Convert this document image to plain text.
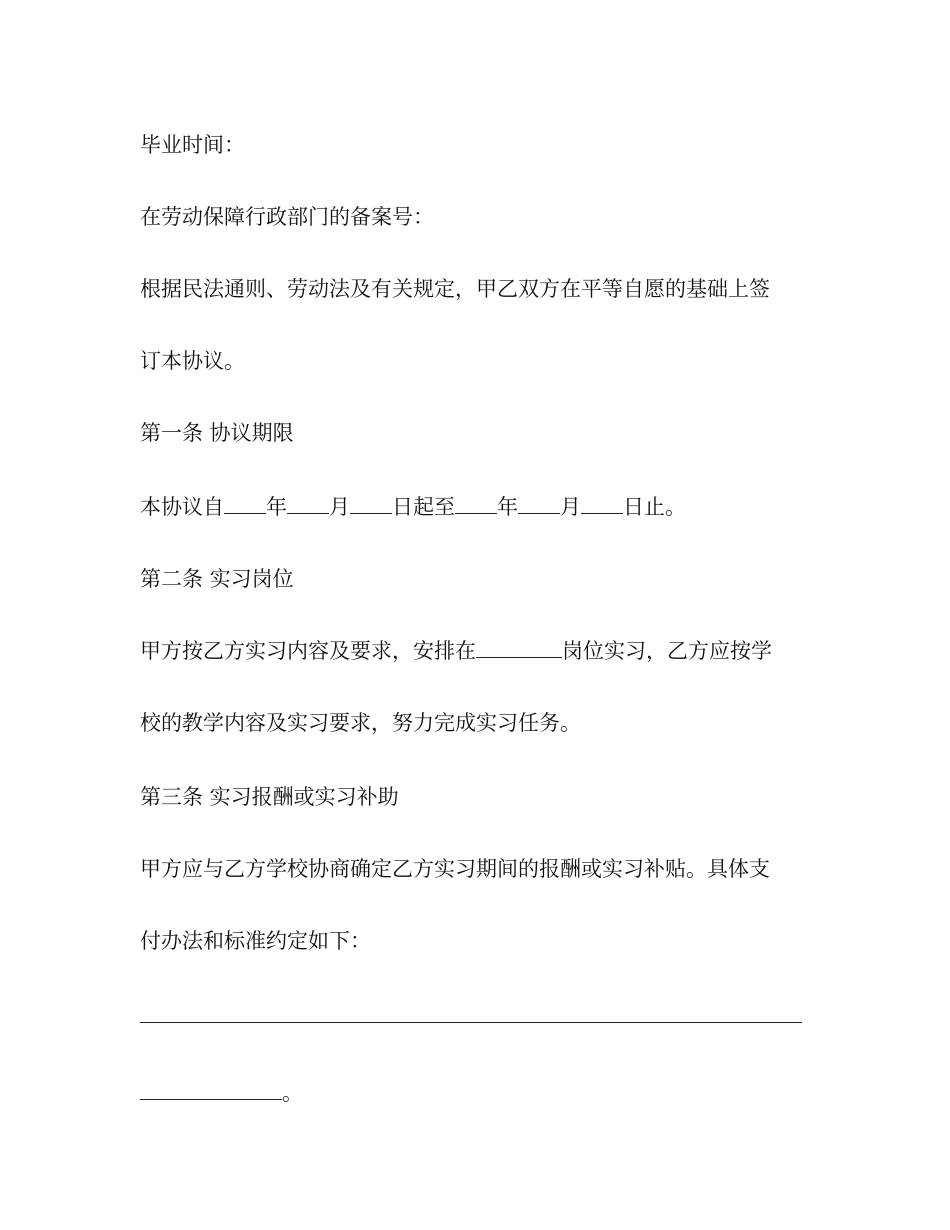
毕业时间：
在劳动保障行政部门的备案号：
根据民法通则、劳动法及有关规定，甲乙双方在平等自愿的基础上签
订本协议。
第一条 协议期限
本协议自 年 月 日起至 年 月 日止。
第二条 实习岗位
甲方按乙方实习内容及要求，安排在	岗位实习，乙方应按学
校的教学内容及实习要求，努力完成实习任务。
第三条 实习报酬或实习补助
甲方应与乙方学校协商确定乙方实习期间的报酬或实习补贴。具体支
付办法和标准约定如下：
。
